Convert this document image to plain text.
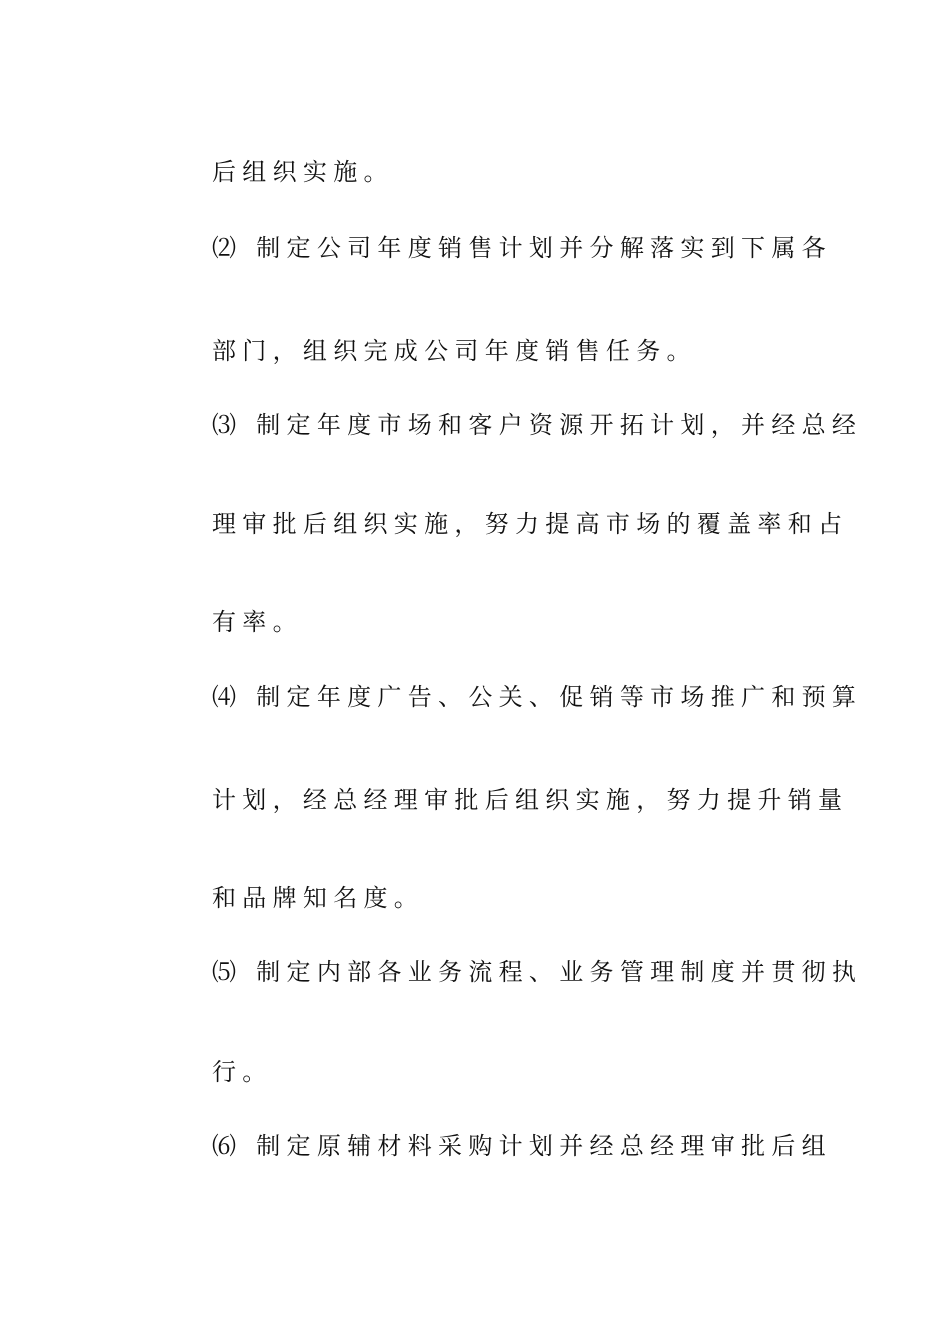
后组织实施。
⑵ 制定公司年度销售计划并分解落实到下属各
部门，组织完成公司年度销售任务。
⑶ 制定年度市场和客户资源开拓计划，并经总经
理审批后组织实施，努力提高市场的覆盖率和占
有率。
⑷ 制定年度广告、公关、促销等市场推广和预算
计划，经总经理审批后组织实施，努力提升销量
和品牌知名度。
⑸ 制定内部各业务流程、业务管理制度并贯彻执
行。
⑹ 制定原辅材料采购计划并经总经理审批后组
